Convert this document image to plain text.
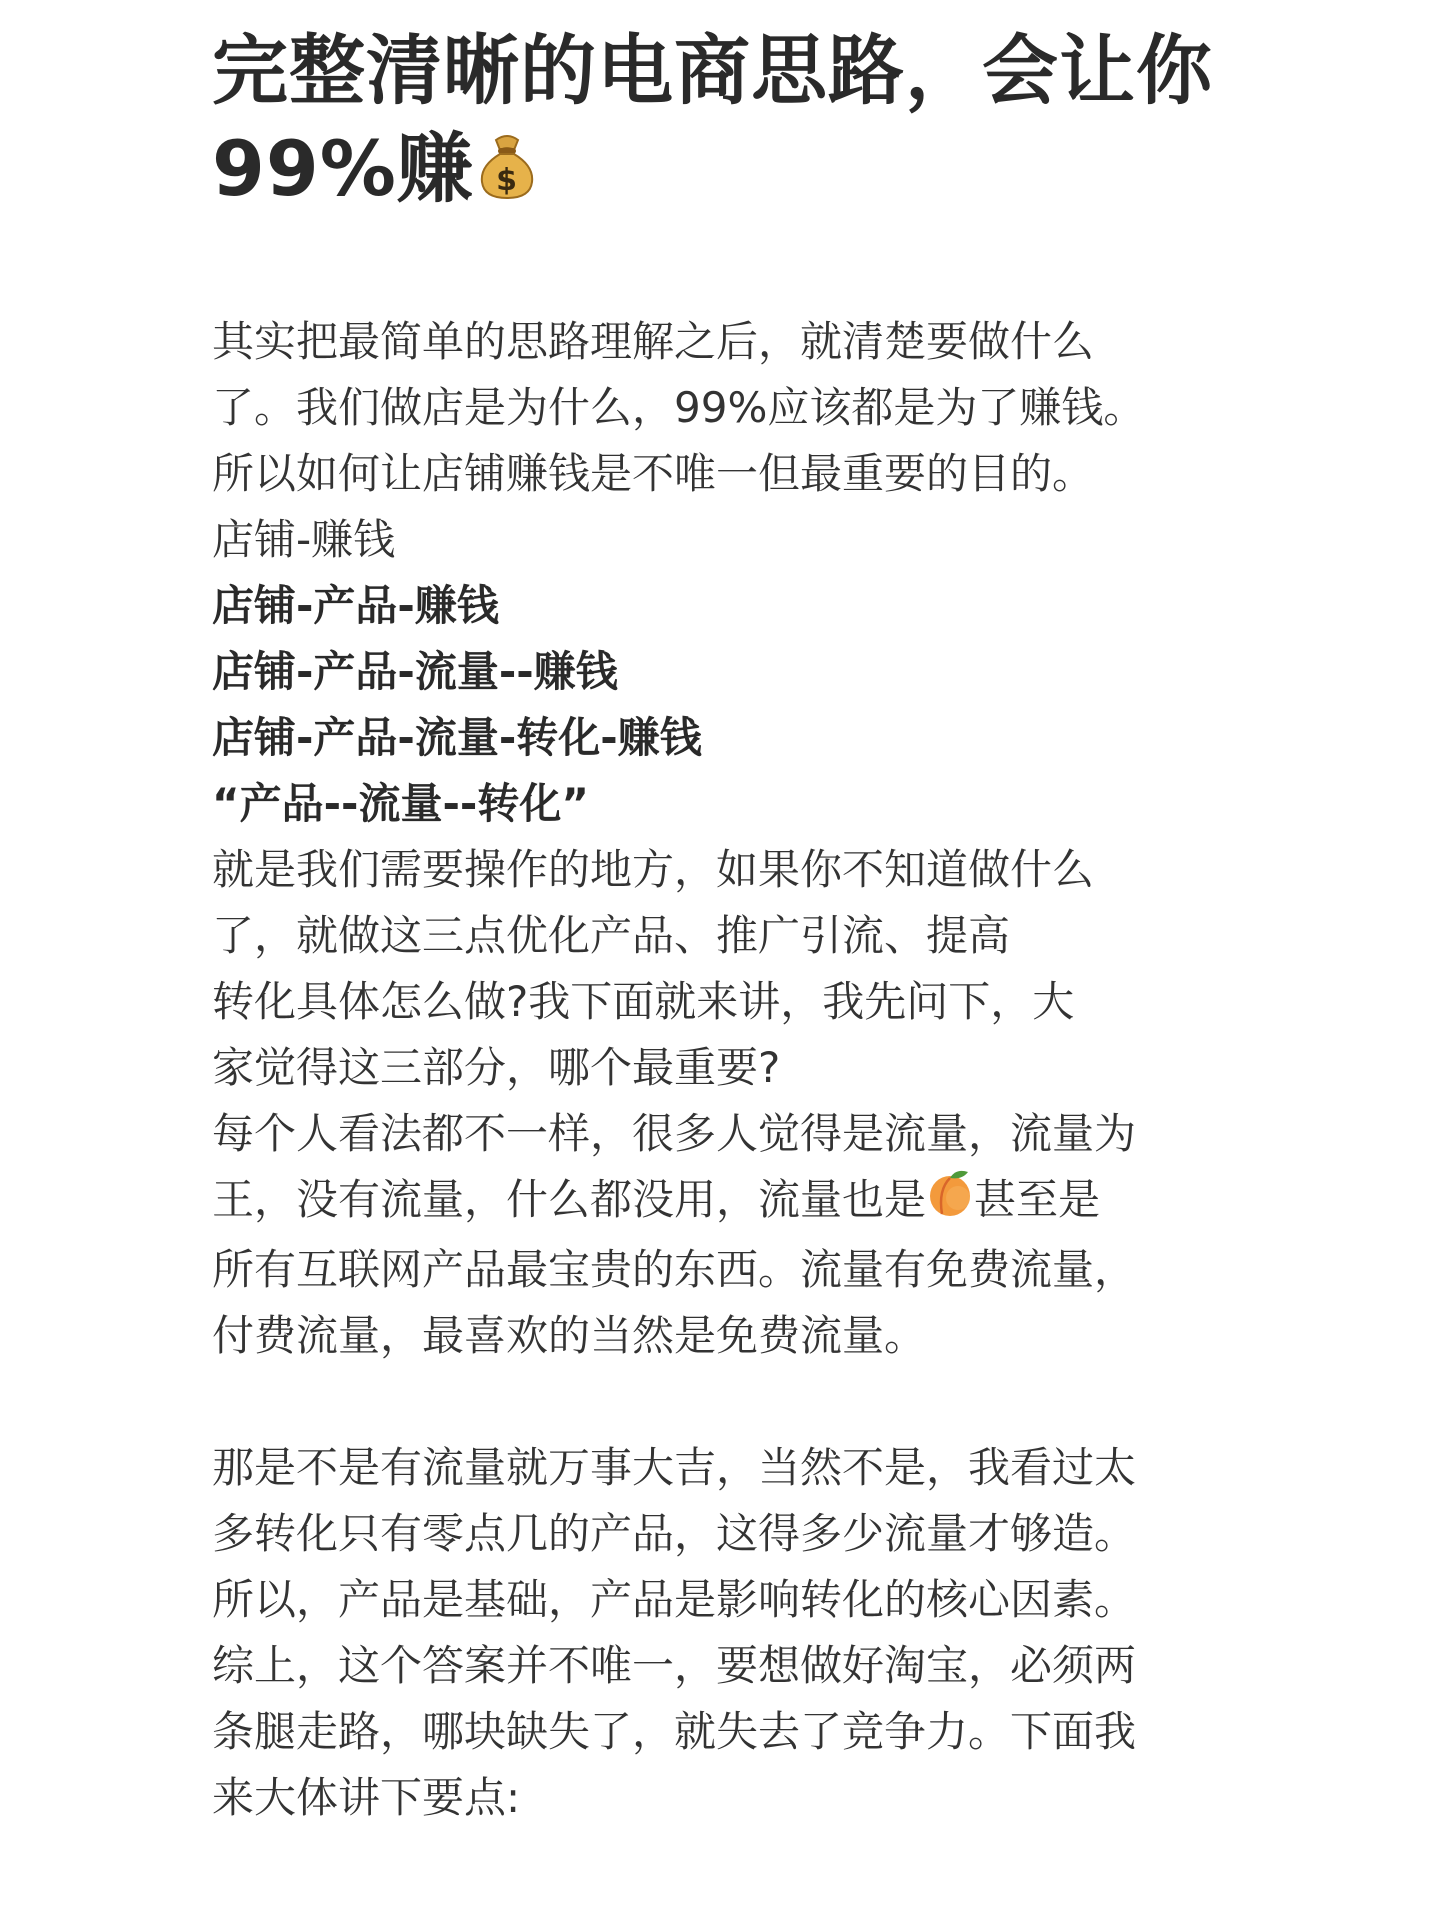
完整清晰的电商思路，会让你
99%赚 $

其实把最简单的思路理解之后，就清楚要做什么
了。我们做店是为什么，99%应该都是为了赚钱。
所以如何让店铺赚钱是不唯一但最重要的目的。
店铺-赚钱
店铺-产品-赚钱
店铺-产品-流量--赚钱
店铺-产品-流量-转化-赚钱
“产品--流量--转化”
就是我们需要操作的地方，如果你不知道做什么
了，就做这三点优化产品、推广引流、提高
转化具体怎么做?我下面就来讲，我先问下，大
家觉得这三部分，哪个最重要?
每个人看法都不一样，很多人觉得是流量，流量为
王，没有流量，什么都没用，流量也是 甚至是
所有互联网产品最宝贵的东西。流量有免费流量，
付费流量，最喜欢的当然是免费流量。

那是不是有流量就万事大吉，当然不是，我看过太
多转化只有零点几的产品，这得多少流量才够造。
所以，产品是基础，产品是影响转化的核心因素。
综上，这个答案并不唯一，要想做好淘宝，必须两
条腿走路，哪块缺失了，就失去了竞争力。下面我
来大体讲下要点:
